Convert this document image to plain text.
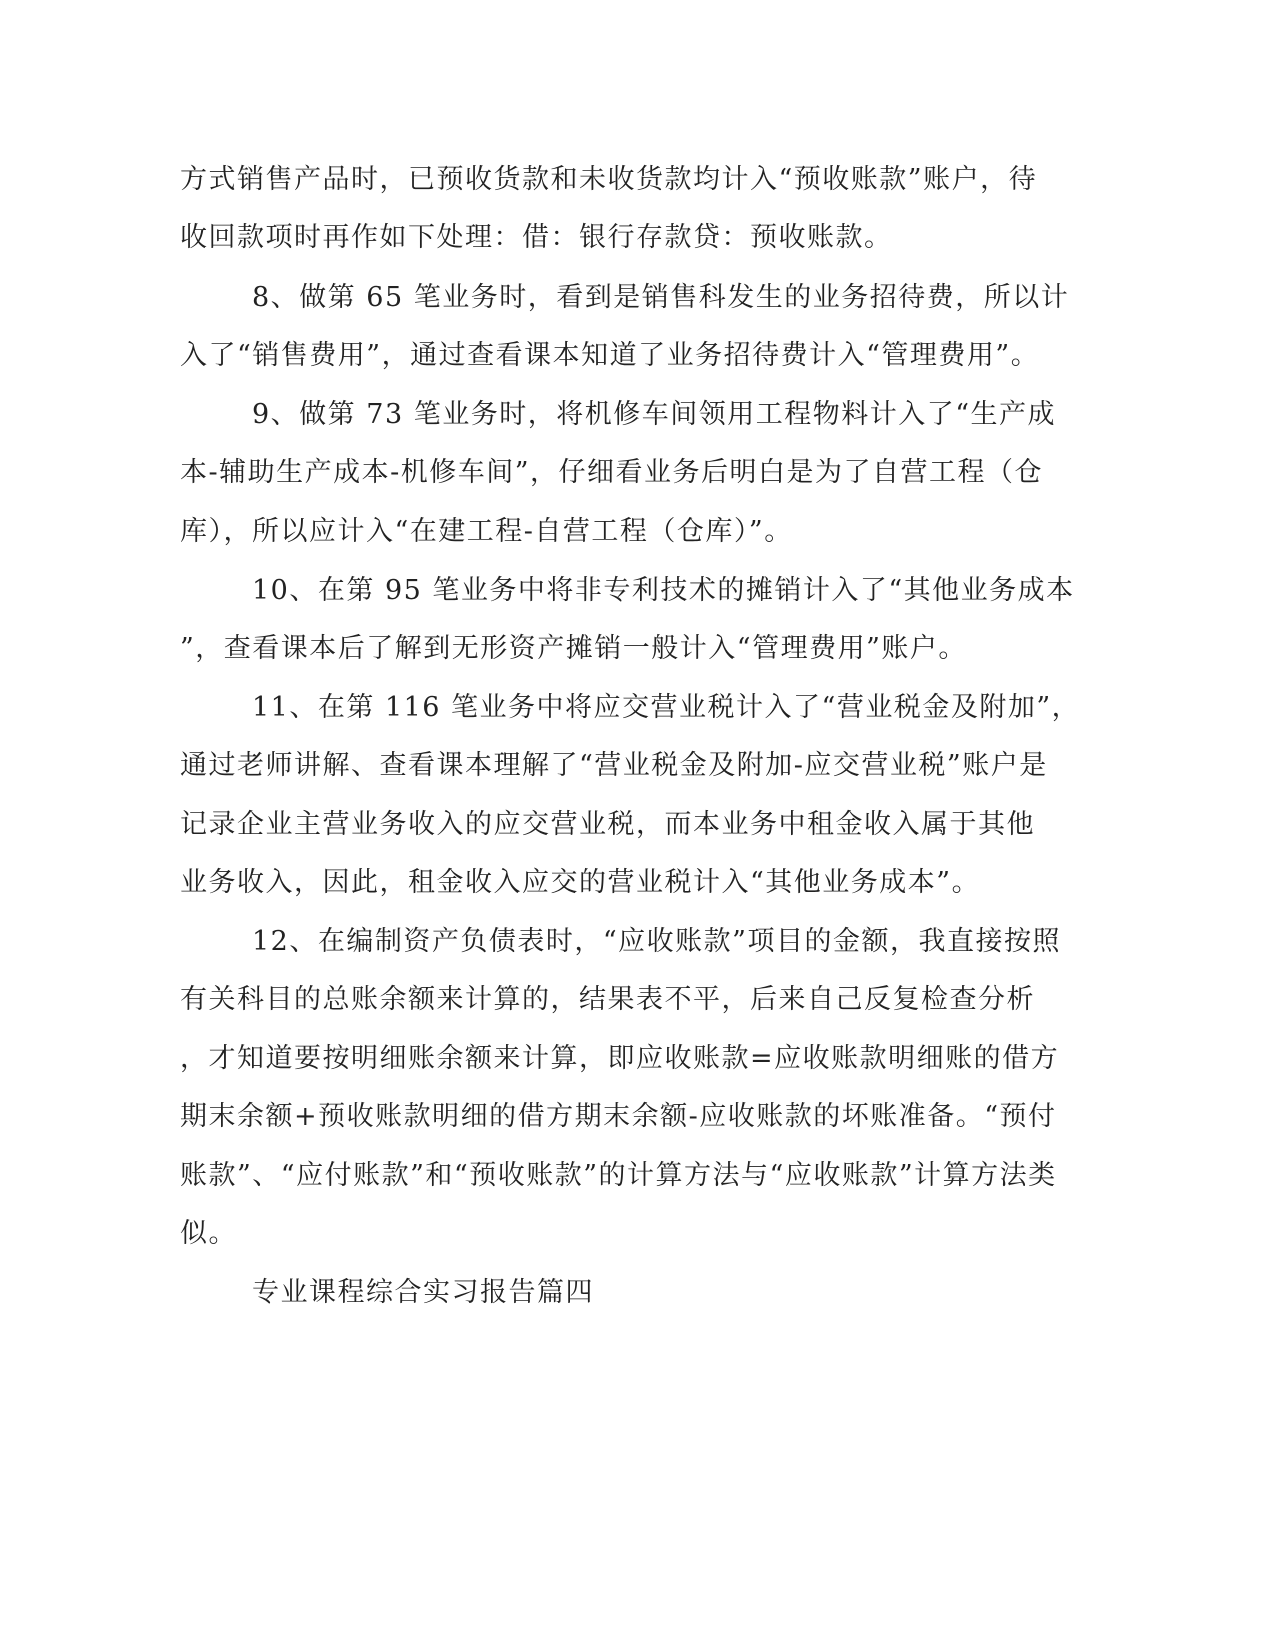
方式销售产品时，已预收货款和未收货款均计入“预收账款”账户，待
收回款项时再作如下处理：借：银行存款贷：预收账款。
8、做第 65 笔业务时，看到是销售科发生的业务招待费，所以计
入了“销售费用”，通过查看课本知道了业务招待费计入“管理费用”。
9、做第 73 笔业务时，将机修车间领用工程物料计入了“生产成
本-辅助生产成本-机修车间”，仔细看业务后明白是为了自营工程（仓
库），所以应计入“在建工程-自营工程（仓库）”。
10、在第 95 笔业务中将非专利技术的摊销计入了“其他业务成本
”，查看课本后了解到无形资产摊销一般计入“管理费用”账户。
11、在第 116 笔业务中将应交营业税计入了“营业税金及附加”，
通过老师讲解、查看课本理解了“营业税金及附加-应交营业税”账户是
记录企业主营业务收入的应交营业税，而本业务中租金收入属于其他
业务收入，因此，租金收入应交的营业税计入“其他业务成本”。
12、在编制资产负债表时，“应收账款”项目的金额，我直接按照
有关科目的总账余额来计算的，结果表不平，后来自己反复检查分析
，才知道要按明细账余额来计算，即应收账款=应收账款明细账的借方
期末余额+预收账款明细的借方期末余额-应收账款的坏账准备。“预付
账款”、“应付账款”和“预收账款”的计算方法与“应收账款”计算方法类
似。
专业课程综合实习报告篇四
